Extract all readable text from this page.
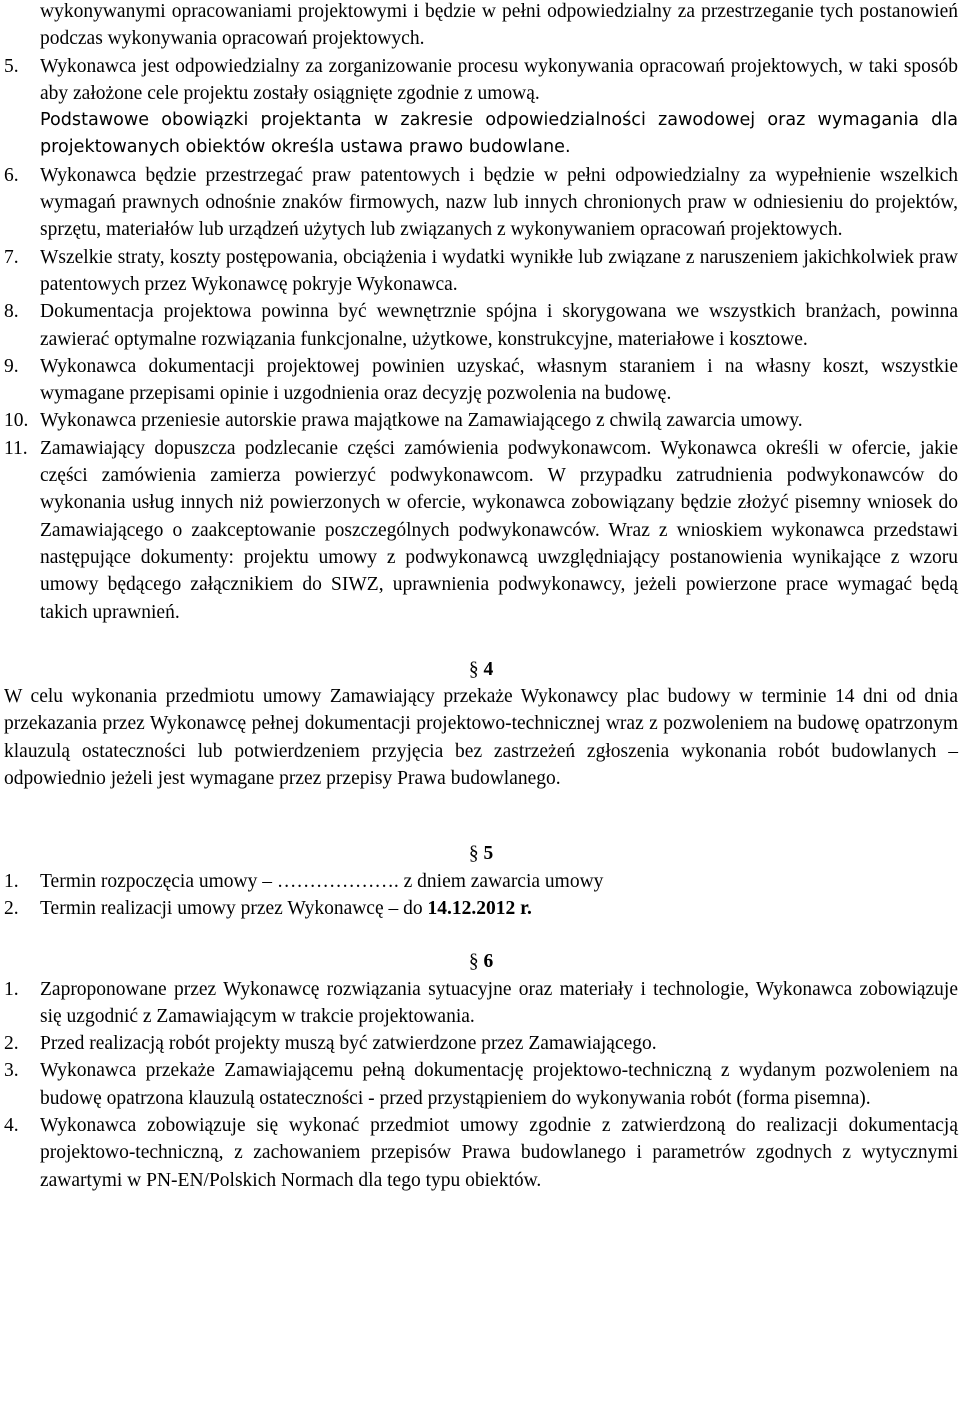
wykonywanymi opracowaniami projektowymi i będzie w pełni odpowiedzialny za przestrzeganie tych postanowień podczas wykonywania opracowań projektowych.
5. Wykonawca jest odpowiedzialny za zorganizowanie procesu wykonywania opracowań projektowych, w taki sposób aby założone cele projektu zostały osiągnięte zgodnie z umową.
Podstawowe obowiązki projektanta w zakresie odpowiedzialności zawodowej oraz wymagania dla projektowanych obiektów określa ustawa prawo budowlane.
6. Wykonawca będzie przestrzegać praw patentowych i będzie w pełni odpowiedzialny za wypełnienie wszelkich wymagań prawnych odnośnie znaków firmowych, nazw lub innych chronionych praw w odniesieniu do projektów, sprzętu, materiałów lub urządzeń użytych lub związanych z wykonywaniem opracowań projektowych.
7. Wszelkie straty, koszty postępowania, obciążenia i wydatki wynikłe lub związane z naruszeniem jakichkolwiek praw patentowych przez Wykonawcę pokryje Wykonawca.
8. Dokumentacja projektowa powinna być wewnętrznie spójna i skorygowana we wszystkich branżach, powinna zawierać optymalne rozwiązania funkcjonalne, użytkowe, konstrukcyjne, materiałowe i kosztowe.
9. Wykonawca dokumentacji projektowej powinien uzyskać, własnym staraniem i na własny koszt, wszystkie wymagane przepisami opinie i uzgodnienia oraz decyzję pozwolenia na budowę.
10. Wykonawca przeniesie autorskie prawa majątkowe na Zamawiającego z chwilą zawarcia umowy.
11. Zamawiający dopuszcza podzlecanie części zamówienia podwykonawcom. Wykonawca określi w ofercie, jakie części zamówienia zamierza powierzyć podwykonawcom. W przypadku zatrudnienia podwykonawców do wykonania usług innych niż powierzonych w ofercie, wykonawca zobowiązany będzie złożyć pisemny wniosek do Zamawiającego o zaakceptowanie poszczególnych podwykonawców. Wraz z wnioskiem wykonawca przedstawi następujące dokumenty: projektu umowy z podwykonawcą uwzględniający postanowienia wynikające z wzoru umowy będącego załącznikiem do SIWZ, uprawnienia podwykonawcy, jeżeli powierzone prace wymagać będą takich uprawnień.
§ 4
W celu wykonania przedmiotu umowy Zamawiający przekaże Wykonawcy plac budowy w terminie 14 dni od dnia przekazania przez Wykonawcę pełnej dokumentacji projektowo-technicznej wraz z pozwoleniem na budowę opatrzonym klauzulą ostateczności lub potwierdzeniem przyjęcia bez zastrzeżeń zgłoszenia wykonania robót budowlanych – odpowiednio jeżeli jest wymagane przez przepisy Prawa budowlanego.
§ 5
1. Termin rozpoczęcia umowy – ………………. z dniem zawarcia umowy
2. Termin realizacji umowy przez Wykonawcę – do 14.12.2012 r.
§ 6
1. Zaproponowane przez Wykonawcę rozwiązania sytuacyjne oraz materiały i technologie, Wykonawca zobowiązuje się uzgodnić z Zamawiającym w trakcie projektowania.
2. Przed realizacją robót projekty muszą być zatwierdzone przez Zamawiającego.
3. Wykonawca przekaże Zamawiającemu pełną dokumentację projektowo-techniczną z wydanym pozwoleniem na budowę opatrzona klauzulą ostateczności - przed przystąpieniem do wykonywania robót (forma pisemna).
4. Wykonawca zobowiązuje się wykonać przedmiot umowy zgodnie z zatwierdzoną do realizacji dokumentacją projektowo-techniczną, z zachowaniem przepisów Prawa budowlanego i parametrów zgodnych z wytycznymi zawartymi w PN-EN/Polskich Normach dla tego typu obiektów.
